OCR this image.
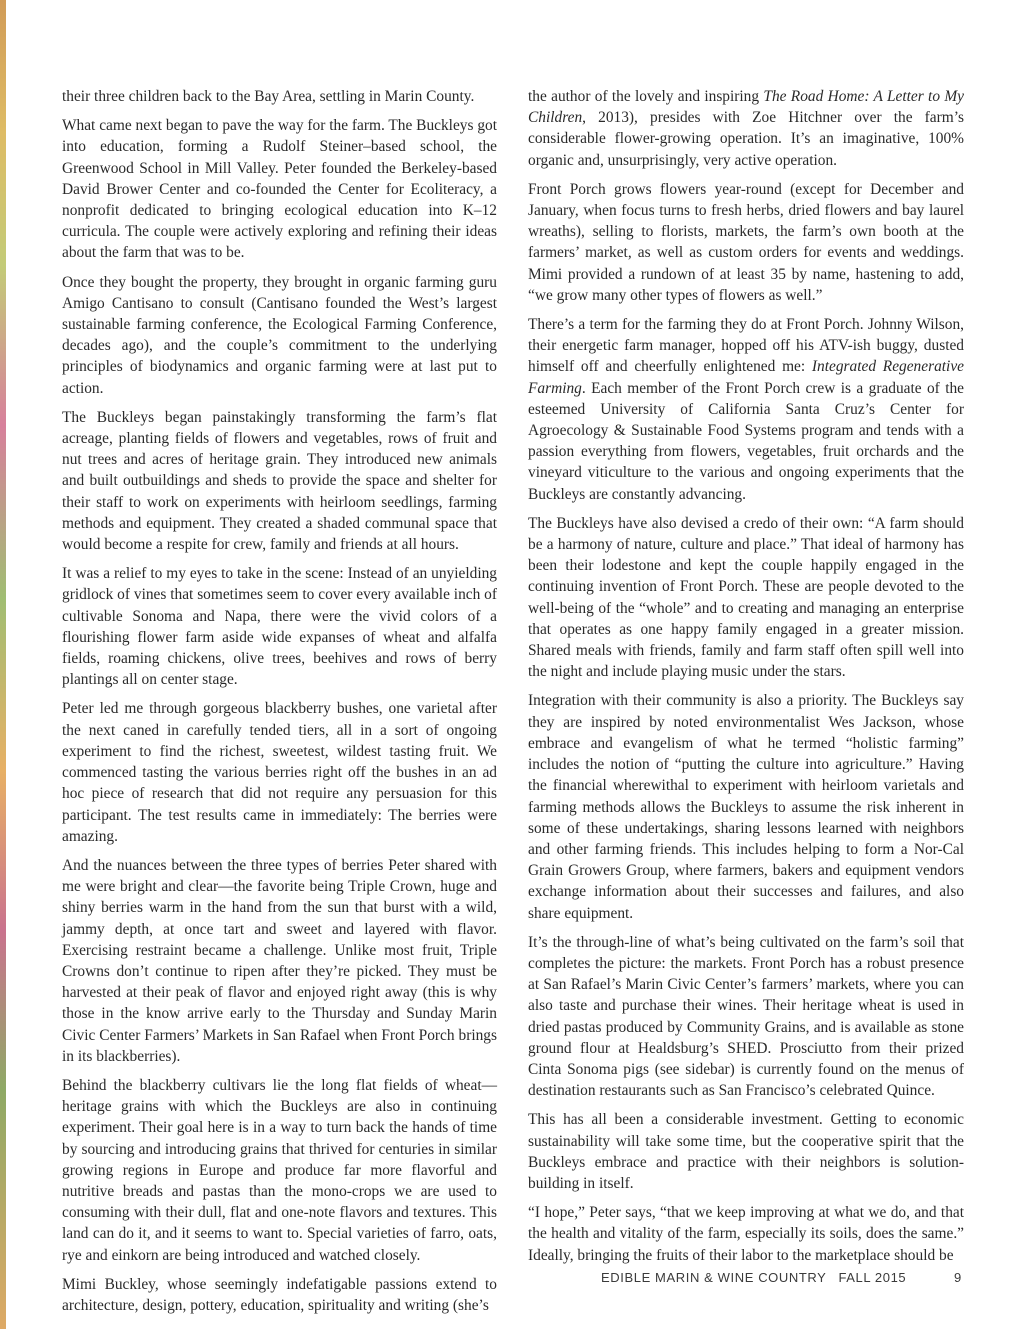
their three children back to the Bay Area, settling in Marin County.

What came next began to pave the way for the farm. The Buckleys got into education, forming a Rudolf Steiner–based school, the Greenwood School in Mill Valley. Peter founded the Berkeley-based David Brower Center and co-founded the Center for Ecoliteracy, a nonprofit dedicated to bringing ecological education into K–12 curricula. The couple were actively exploring and refining their ideas about the farm that was to be.

Once they bought the property, they brought in organic farming guru Amigo Cantisano to consult (Cantisano founded the West’s largest sustainable farming conference, the Ecological Farming Conference, decades ago), and the couple’s commitment to the underlying principles of biodynamics and organic farming were at last put to action.

The Buckleys began painstakingly transforming the farm’s flat acreage, planting fields of flowers and vegetables, rows of fruit and nut trees and acres of heritage grain. They introduced new animals and built outbuildings and sheds to provide the space and shelter for their staff to work on experiments with heirloom seedlings, farming methods and equipment. They created a shaded communal space that would become a respite for crew, family and friends at all hours.

It was a relief to my eyes to take in the scene: Instead of an unyielding gridlock of vines that sometimes seem to cover every available inch of cultivable Sonoma and Napa, there were the vivid colors of a flourishing flower farm aside wide expanses of wheat and alfalfa fields, roaming chickens, olive trees, beehives and rows of berry plantings all on center stage.

Peter led me through gorgeous blackberry bushes, one varietal after the next caned in carefully tended tiers, all in a sort of ongoing experiment to find the richest, sweetest, wildest tasting fruit. We commenced tasting the various berries right off the bushes in an ad hoc piece of research that did not require any persuasion for this participant. The test results came in immediately: The berries were amazing.

And the nuances between the three types of berries Peter shared with me were bright and clear—the favorite being Triple Crown, huge and shiny berries warm in the hand from the sun that burst with a wild, jammy depth, at once tart and sweet and layered with flavor. Exercising restraint became a challenge. Unlike most fruit, Triple Crowns don’t continue to ripen after they’re picked. They must be harvested at their peak of flavor and enjoyed right away (this is why those in the know arrive early to the Thursday and Sunday Marin Civic Center Farmers’ Markets in San Rafael when Front Porch brings in its blackberries).

Behind the blackberry cultivars lie the long flat fields of wheat—heritage grains with which the Buckleys are also in continuing experiment. Their goal here is in a way to turn back the hands of time by sourcing and introducing grains that thrived for centuries in similar growing regions in Europe and produce far more flavorful and nutritive breads and pastas than the mono-crops we are used to consuming with their dull, flat and one-note flavors and textures. This land can do it, and it seems to want to. Special varieties of farro, oats, rye and einkorn are being introduced and watched closely.

Mimi Buckley, whose seemingly indefatigable passions extend to architecture, design, pottery, education, spirituality and writing (she’s

the author of the lovely and inspiring The Road Home: A Letter to My Children, 2013), presides with Zoe Hitchner over the farm’s considerable flower-growing operation. It’s an imaginative, 100% organic and, unsurprisingly, very active operation.

Front Porch grows flowers year-round (except for December and January, when focus turns to fresh herbs, dried flowers and bay laurel wreaths), selling to florists, markets, the farm’s own booth at the farmers’ market, as well as custom orders for events and weddings. Mimi provided a rundown of at least 35 by name, hastening to add, “we grow many other types of flowers as well.”

There’s a term for the farming they do at Front Porch. Johnny Wilson, their energetic farm manager, hopped off his ATV-ish buggy, dusted himself off and cheerfully enlightened me: Integrated Regenerative Farming. Each member of the Front Porch crew is a graduate of the esteemed University of California Santa Cruz’s Center for Agroecology & Sustainable Food Systems program and tends with a passion everything from flowers, vegetables, fruit orchards and the vineyard viticulture to the various and ongoing experiments that the Buckleys are constantly advancing.

The Buckleys have also devised a credo of their own: “A farm should be a harmony of nature, culture and place.” That ideal of harmony has been their lodestone and kept the couple happily engaged in the continuing invention of Front Porch. These are people devoted to the well-being of the “whole” and to creating and managing an enterprise that operates as one happy family engaged in a greater mission. Shared meals with friends, family and farm staff often spill well into the night and include playing music under the stars.

Integration with their community is also a priority. The Buckleys say they are inspired by noted environmentalist Wes Jackson, whose embrace and evangelism of what he termed “holistic farming” includes the notion of “putting the culture into agriculture.” Having the financial wherewithal to experiment with heirloom varietals and farming methods allows the Buckleys to assume the risk inherent in some of these undertakings, sharing lessons learned with neighbors and other farming friends. This includes helping to form a Nor-Cal Grain Growers Group, where farmers, bakers and equipment vendors exchange information about their successes and failures, and also share equipment.

It’s the through-line of what’s being cultivated on the farm’s soil that completes the picture: the markets. Front Porch has a robust presence at San Rafael’s Marin Civic Center’s farmers’ markets, where you can also taste and purchase their wines. Their heritage wheat is used in dried pastas produced by Community Grains, and is available as stone ground flour at Healdsburg’s SHED. Prosciutto from their prized Cinta Sonoma pigs (see sidebar) is currently found on the menus of destination restaurants such as San Francisco’s celebrated Quince.

This has all been a considerable investment. Getting to economic sustainability will take some time, but the cooperative spirit that the Buckleys embrace and practice with their neighbors is solution-building in itself.

“I hope,” Peter says, “that we keep improving at what we do, and that the health and vitality of the farm, especially its soils, does the same.” Ideally, bringing the fruits of their labor to the marketplace should be

EDIBLE MARIN & WINE COUNTRY FALL 2015	9
